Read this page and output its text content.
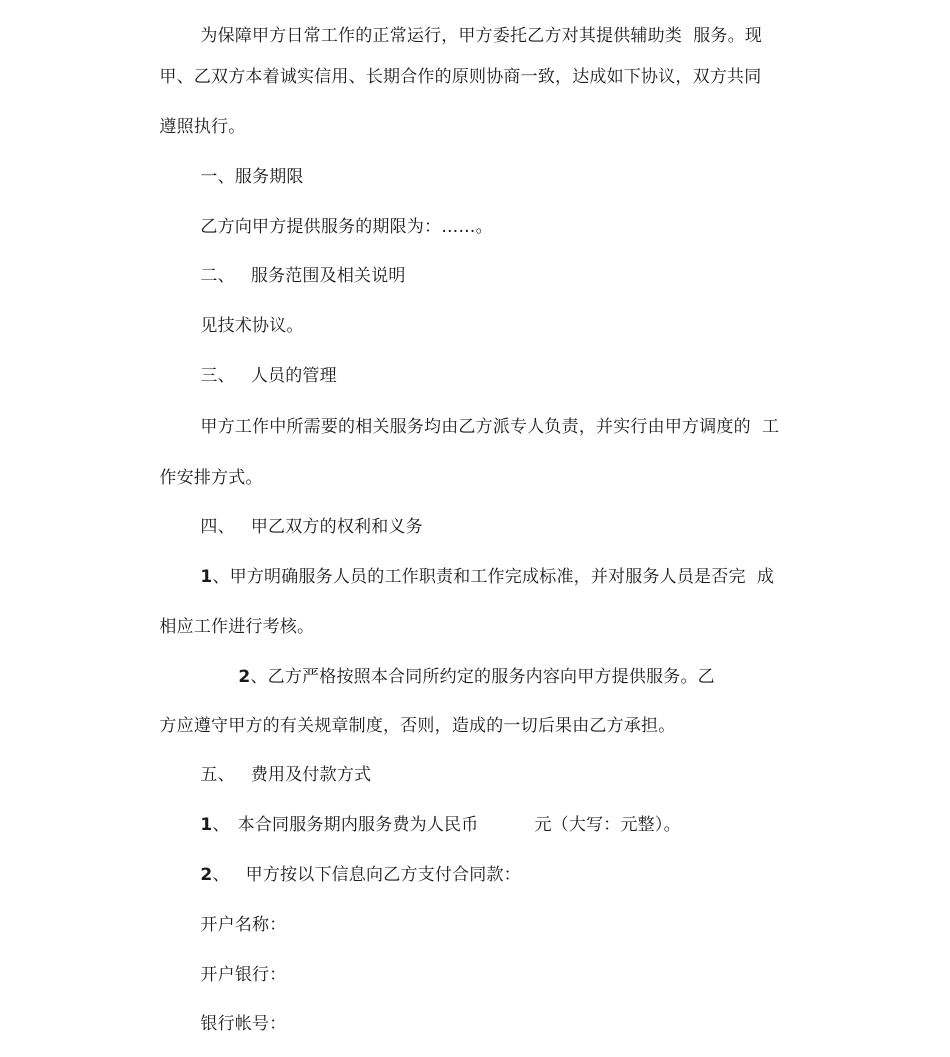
为保障甲方日常工作的正常运行，甲方委托乙方对其提供辅助类  服务。现

甲、乙双方本着诚实信用、长期合作的原则协商一致，达成如下协议，双方共同

遵照执行。

一、服务期限

乙方向甲方提供服务的期限为：……。

二、 服务范围及相关说明

见技术协议。

三、 人员的管理

甲方工作中所需要的相关服务均由乙方派专人负责，并实行由甲方调度的  工

作安排方式。

四、 甲乙双方的权利和义务

1、甲方明确服务人员的工作职责和工作完成标准，并对服务人员是否完  成

相应工作进行考核。

2、乙方严格按照本合同所约定的服务内容向甲方提供服务。乙

方应遵守甲方的有关规章制度，否则，造成的一切后果由乙方承担。

五、 费用及付款方式

1、 本合同服务期内服务费为人民币	元（大写：元整）。

2、 甲方按以下信息向乙方支付合同款：

开户名称：

开户银行：

银行帐号：
